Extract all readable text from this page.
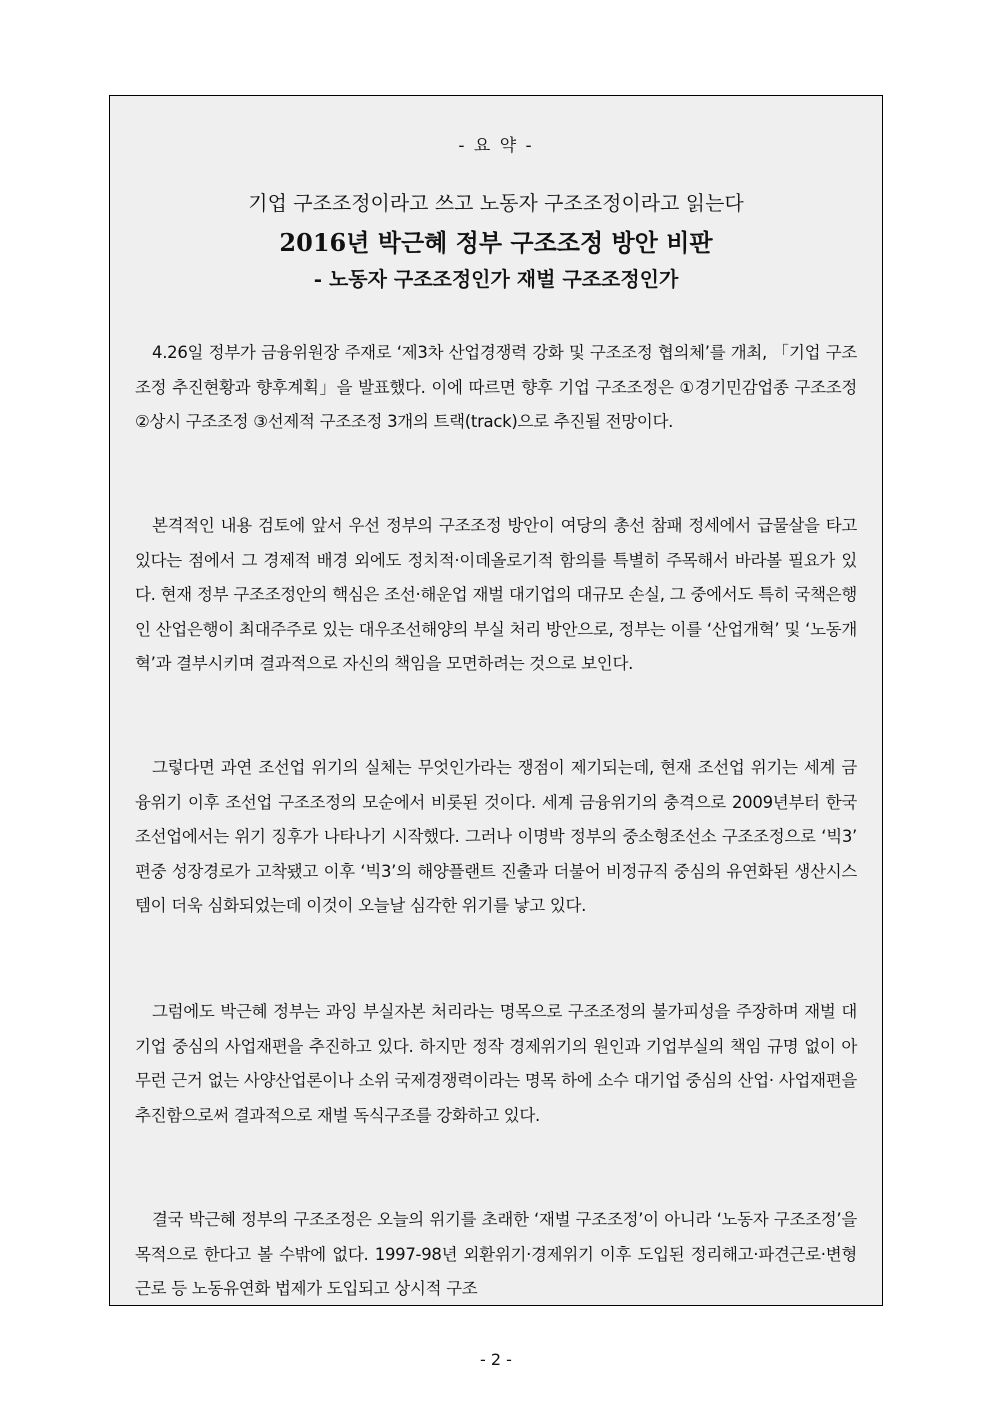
- 요 약 -
기업 구조조정이라고 쓰고 노동자 구조조정이라고 읽는다
2016년 박근혜 정부 구조조정 방안 비판
- 노동자 구조조정인가 재벌 구조조정인가

4.26일 정부가 금융위원장 주재로 ‘제3차 산업경쟁력 강화 및 구조조정 협의체’를 개최, 「기업 구조조정 추진현황과 향후계획」을 발표했다. 이에 따르면 향후 기업 구조조정은 ①경기민감업종 구조조정 ②상시 구조조정 ③선제적 구조조정 3개의 트랙(track)으로 추진될 전망이다.

본격적인 내용 검토에 앞서 우선 정부의 구조조정 방안이 여당의 총선 참패 정세에서 급물살을 타고 있다는 점에서 그 경제적 배경 외에도 정치적·이데올로기적 함의를 특별히 주목해서 바라볼 필요가 있다. 현재 정부 구조조정안의 핵심은 조선·해운업 재벌 대기업의 대규모 손실, 그 중에서도 특히 국책은행인 산업은행이 최대주주로 있는 대우조선해양의 부실 처리 방안으로, 정부는 이를 ‘산업개혁’ 및 ‘노동개혁’과 결부시키며 결과적으로 자신의 책임을 모면하려는 것으로 보인다.

그렇다면 과연 조선업 위기의 실체는 무엇인가라는 쟁점이 제기되는데, 현재 조선업 위기는 세계 금융위기 이후 조선업 구조조정의 모순에서 비롯된 것이다. 세계 금융위기의 충격으로 2009년부터 한국 조선업에서는 위기 징후가 나타나기 시작했다. 그러나 이명박 정부의 중소형조선소 구조조정으로 ‘빅3’ 편중 성장경로가 고착됐고 이후 ‘빅3’의 해양플랜트 진출과 더불어 비정규직 중심의 유연화된 생산시스템이 더욱 심화되었는데 이것이 오늘날 심각한 위기를 낳고 있다.

그럼에도 박근혜 정부는 과잉 부실자본 처리라는 명목으로 구조조정의 불가피성을 주장하며 재벌 대기업 중심의 사업재편을 추진하고 있다. 하지만 정작 경제위기의 원인과 기업부실의 책임 규명 없이 아무런 근거 없는 사양산업론이나 소위 국제경쟁력이라는 명목 하에 소수 대기업 중심의 산업· 사업재편을 추진함으로써 결과적으로 재벌 독식구조를 강화하고 있다.

결국 박근혜 정부의 구조조정은 오늘의 위기를 초래한 ‘재벌 구조조정’이 아니라 ‘노동자 구조조정’을 목적으로 한다고 볼 수밖에 없다. 1997-98년 외환위기·경제위기 이후 도입된 정리해고·파견근로·변형근로 등 노동유연화 법제가 도입되고 상시적 구조

- 2 -
